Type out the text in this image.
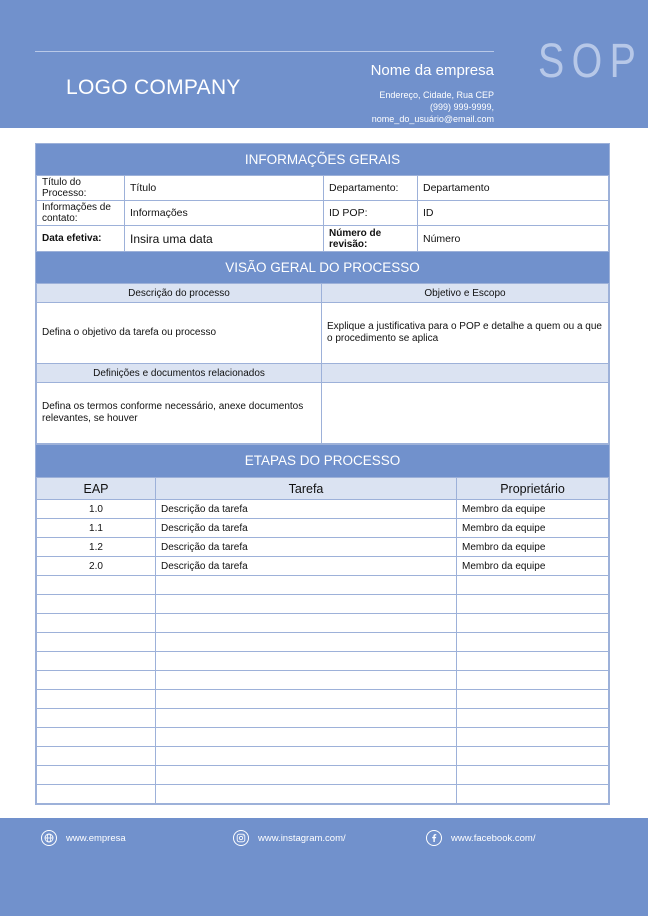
LOGO COMPANY
Nome da empresa
Endereço, Cidade, Rua CEP
(999) 999-9999,
nome_do_usuário@email.com
SOP
INFORMAÇÕES GERAIS
Título do Processo:	Título	Departamento:	Departamento
Informações de contato:	Informações	ID POP:	ID
Data efetiva:	Insira uma data	Número de revisão:	Número
VISÃO GERAL DO PROCESSO
Descrição do processo	Objetivo e Escopo
Defina o objetivo da tarefa ou processo	Explique a justificativa para o POP e detalhe a quem ou a que o procedimento se aplica
Definições e documentos relacionados	
Defina os termos conforme necessário, anexe documentos relevantes, se houver	
ETAPAS DO PROCESSO
EAP	Tarefa	Proprietário
1.0	Descrição da tarefa	Membro da equipe
1.1	Descrição da tarefa	Membro da equipe
1.2	Descrição da tarefa	Membro da equipe
2.0	Descrição da tarefa	Membro da equipe

www.empresa	www.instagram.com/	www.facebook.com/
